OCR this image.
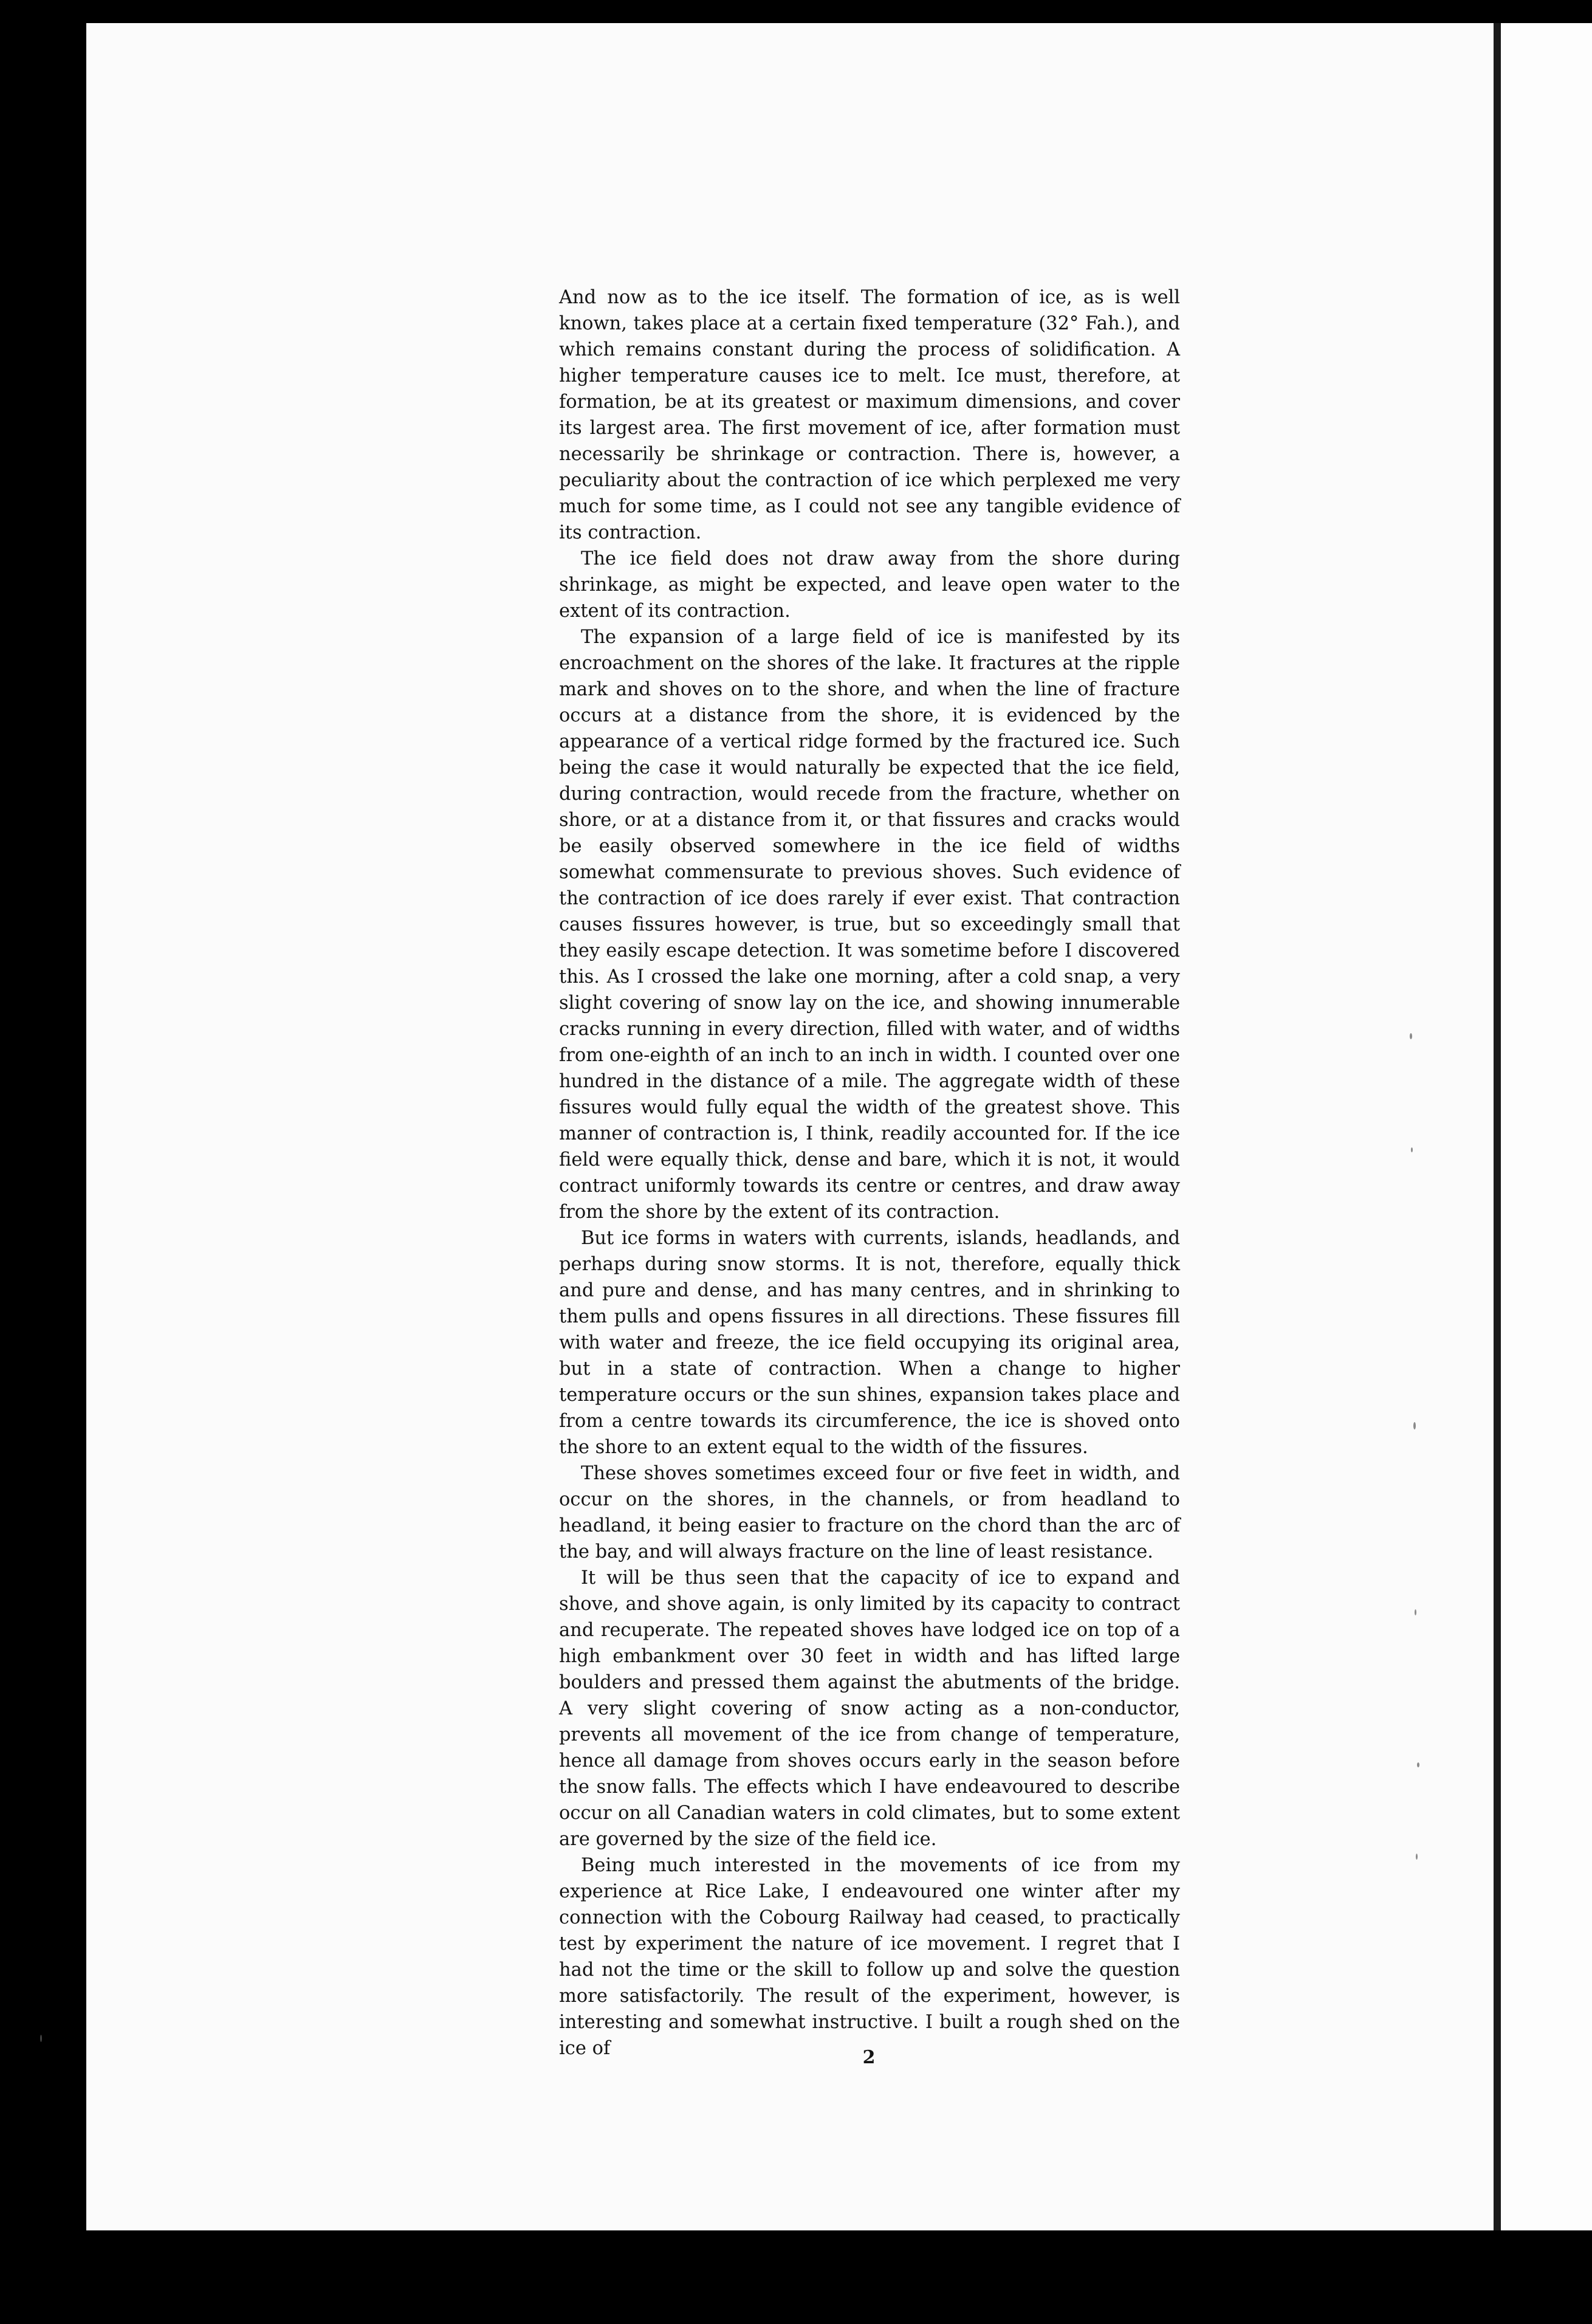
And now as to the ice itself. The formation of ice, as is well known, takes place at a certain fixed temperature (32° Fah.), and which remains constant during the process of solidification. A higher temperature causes ice to melt. Ice must, therefore, at formation, be at its greatest or maximum dimensions, and cover its largest area. The first movement of ice, after formation must necessarily be shrinkage or contraction. There is, however, a peculiarity about the contraction of ice which perplexed me very much for some time, as I could not see any tangible evidence of its contraction.

The ice field does not draw away from the shore during shrinkage, as might be expected, and leave open water to the extent of its contraction.

The expansion of a large field of ice is manifested by its encroachment on the shores of the lake. It fractures at the ripple mark and shoves on to the shore, and when the line of fracture occurs at a distance from the shore, it is evidenced by the appearance of a vertical ridge formed by the fractured ice. Such being the case it would naturally be expected that the ice field, during contraction, would recede from the fracture, whether on shore, or at a distance from it, or that fissures and cracks would be easily observed somewhere in the ice field of widths somewhat commensurate to previous shoves. Such evidence of the contraction of ice does rarely if ever exist. That contraction causes fissures however, is true, but so exceedingly small that they easily escape detection. It was sometime before I discovered this. As I crossed the lake one morning, after a cold snap, a very slight covering of snow lay on the ice, and showing innumerable cracks running in every direction, filled with water, and of widths from one-eighth of an inch to an inch in width. I counted over one hundred in the distance of a mile. The aggregate width of these fissures would fully equal the width of the greatest shove. This manner of contraction is, I think, readily accounted for. If the ice field were equally thick, dense and bare, which it is not, it would contract uniformly towards its centre or centres, and draw away from the shore by the extent of its contraction.

But ice forms in waters with currents, islands, headlands, and perhaps during snow storms. It is not, therefore, equally thick and pure and dense, and has many centres, and in shrinking to them pulls and opens fissures in all directions. These fissures fill with water and freeze, the ice field occupying its original area, but in a state of contraction. When a change to higher temperature occurs or the sun shines, expansion takes place and from a centre towards its circumference, the ice is shoved onto the shore to an extent equal to the width of the fissures.

These shoves sometimes exceed four or five feet in width, and occur on the shores, in the channels, or from headland to headland, it being easier to fracture on the chord than the arc of the bay, and will always fracture on the line of least resistance.

It will be thus seen that the capacity of ice to expand and shove, and shove again, is only limited by its capacity to contract and recuperate. The repeated shoves have lodged ice on top of a high embankment over 30 feet in width and has lifted large boulders and pressed them against the abutments of the bridge. A very slight covering of snow acting as a non-conductor, prevents all movement of the ice from change of temperature, hence all damage from shoves occurs early in the season before the snow falls. The effects which I have endeavoured to describe occur on all Canadian waters in cold climates, but to some extent are governed by the size of the field ice.

Being much interested in the movements of ice from my experience at Rice Lake, I endeavoured one winter after my connection with the Cobourg Railway had ceased, to practically test by experiment the nature of ice movement. I regret that I had not the time or the skill to follow up and solve the question more satisfactorily. The result of the experiment, however, is interesting and somewhat instructive. I built a rough shed on the ice of	2
